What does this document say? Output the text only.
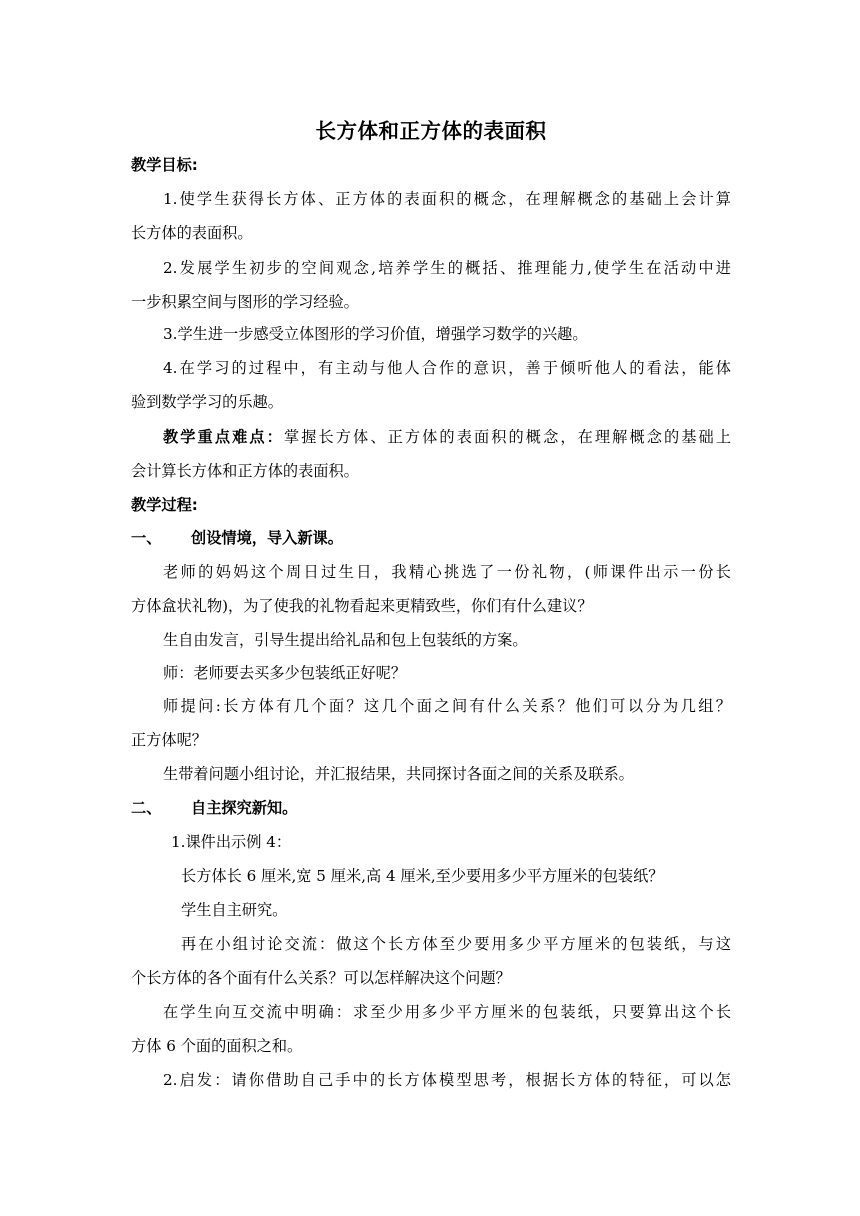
长方体和正方体的表面积
教学目标:
1.使学生获得长方体、正方体的表面积的概念，在理解概念的基础上会计算
长方体的表面积。
2.发展学生初步的空间观念,培养学生的概括、推理能力,使学生在活动中进
一步积累空间与图形的学习经验。
3.学生进一步感受立体图形的学习价值，增强学习数学的兴趣。
4.在学习的过程中，有主动与他人合作的意识，善于倾听他人的看法，能体
验到数学学习的乐趣。
教学重点难点：掌握长方体、正方体的表面积的概念，在理解概念的基础上
会计算长方体和正方体的表面积。
教学过程:
一、 创设情境，导入新课。
老师的妈妈这个周日过生日，我精心挑选了一份礼物，(师课件出示一份长
方体盒状礼物)，为了使我的礼物看起来更精致些，你们有什么建议？
生自由发言，引导生提出给礼品和包上包装纸的方案。
师：老师要去买多少包装纸正好呢？
师提问:长方体有几个面？这几个面之间有什么关系？他们可以分为几组？
正方体呢？
生带着问题小组讨论，并汇报结果，共同探讨各面之间的关系及联系。
二、 自主探究新知。
1.课件出示例 4：
长方体长 6 厘米,宽 5 厘米,高 4 厘米,至少要用多少平方厘米的包装纸？
学生自主研究。
再在小组讨论交流：做这个长方体至少要用多少平方厘米的包装纸，与这
个长方体的各个面有什么关系？可以怎样解决这个问题？
在学生向互交流中明确：求至少用多少平方厘米的包装纸，只要算出这个长
方体 6 个面的面积之和。
2.启发：请你借助自己手中的长方体模型思考，根据长方体的特征，可以怎
